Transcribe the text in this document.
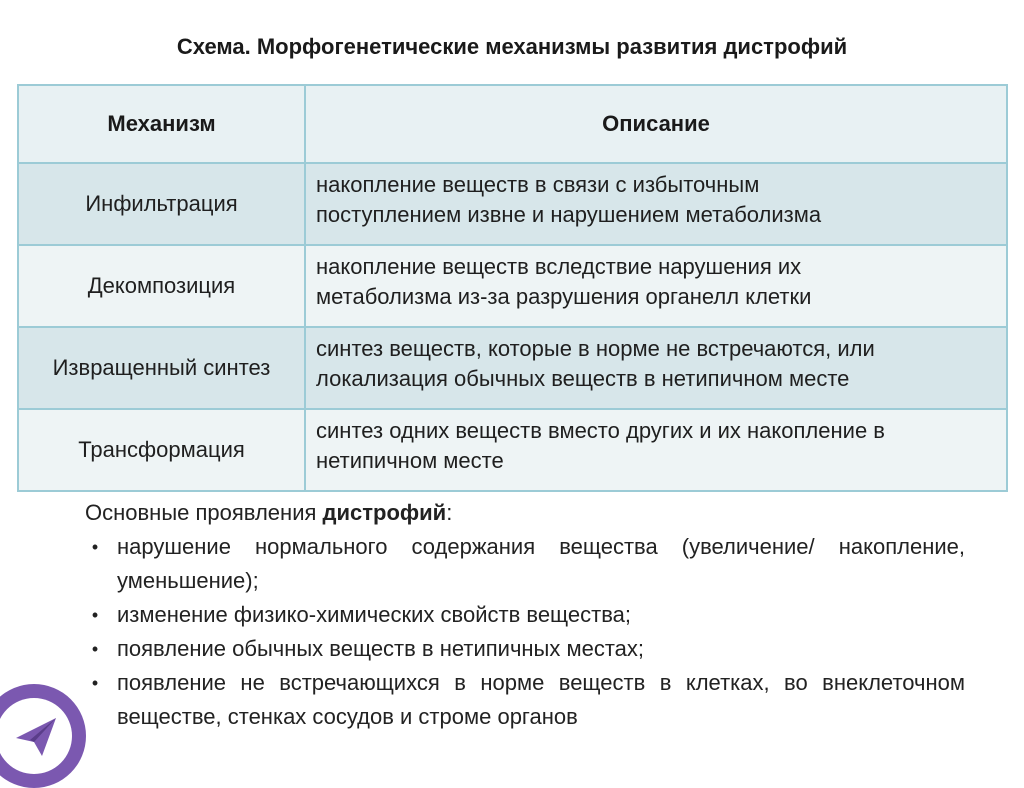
Схема. Морфогенетические механизмы развития дистрофий
Механизм	Описание
Инфильтрация	накопление веществ в связи с избыточным
поступлением извне и нарушением метаболизма

Декомпозиция	накопление веществ вследствие нарушения их
метаболизма из-за разрушения органелл клетки

Извращенный синтез	синтез веществ, которые в норме не встречаются, или
локализация обычных веществ в нетипичном месте

Трансформация	синтез одних веществ вместо других и их накопление в
нетипичном месте
Основные проявления дистрофий:
• нарушение нормального содержания вещества (увеличение/ накопление, уменьшение);
• изменение физико-химических свойств вещества;
• появление обычных веществ в нетипичных местах;
• появление не встречающихся в норме веществ в клетках, во внеклеточном веществе, стенках сосудов и строме органов
